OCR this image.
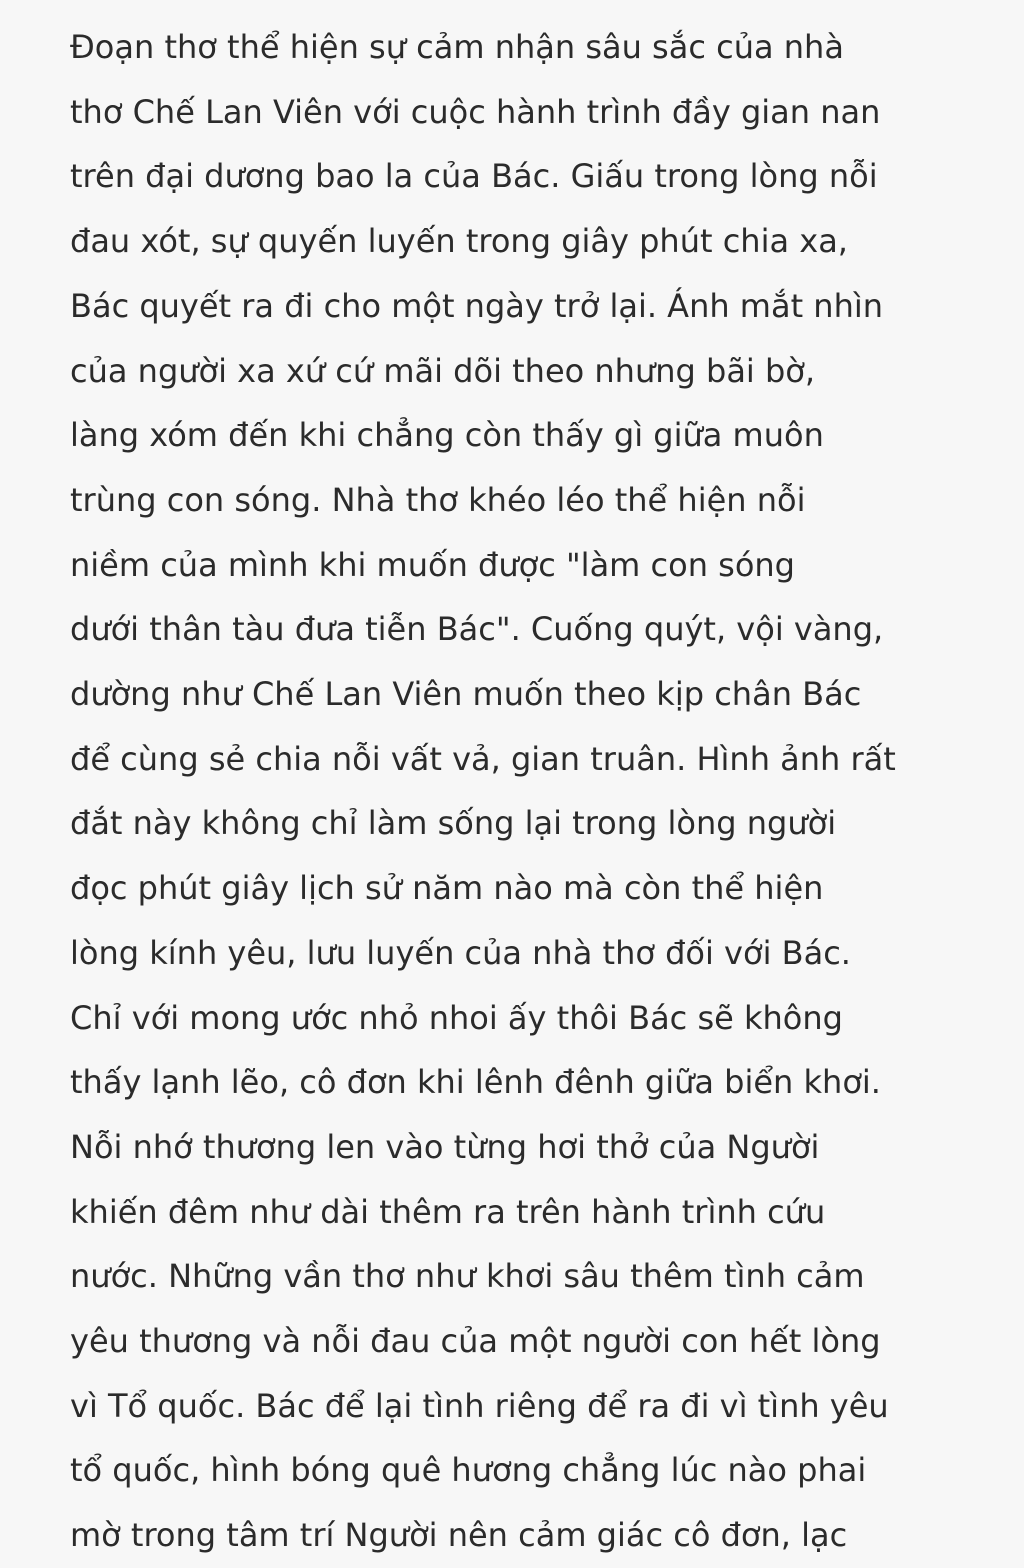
Đoạn thơ thể hiện sự cảm nhận sâu sắc của nhà
thơ Chế Lan Viên với cuộc hành trình đầy gian nan
trên đại dương bao la của Bác. Giấu trong lòng nỗi
đau xót, sự quyến luyến trong giây phút chia xa,
Bác quyết ra đi cho một ngày trở lại. Ánh mắt nhìn
của người xa xứ cứ mãi dõi theo nhưng bãi bờ,
làng xóm đến khi chẳng còn thấy gì giữa muôn
trùng con sóng. Nhà thơ khéo léo thể hiện nỗi
niềm của mình khi muốn được "làm con sóng
dưới thân tàu đưa tiễn Bác". Cuống quýt, vội vàng,
dường như Chế Lan Viên muốn theo kịp chân Bác
để cùng sẻ chia nỗi vất vả, gian truân. Hình ảnh rất
đắt này không chỉ làm sống lại trong lòng người
đọc phút giây lịch sử năm nào mà còn thể hiện
lòng kính yêu, lưu luyến của nhà thơ đối với Bác.
Chỉ với mong ước nhỏ nhoi ấy thôi Bác sẽ không
thấy lạnh lẽo, cô đơn khi lênh đênh giữa biển khơi.
Nỗi nhớ thương len vào từng hơi thở của Người
khiến đêm như dài thêm ra trên hành trình cứu
nước. Những vần thơ như khơi sâu thêm tình cảm
yêu thương và nỗi đau của một người con hết lòng
vì Tổ quốc. Bác để lại tình riêng để ra đi vì tình yêu
tổ quốc, hình bóng quê hương chẳng lúc nào phai
mờ trong tâm trí Người nên cảm giác cô đơn, lạc
